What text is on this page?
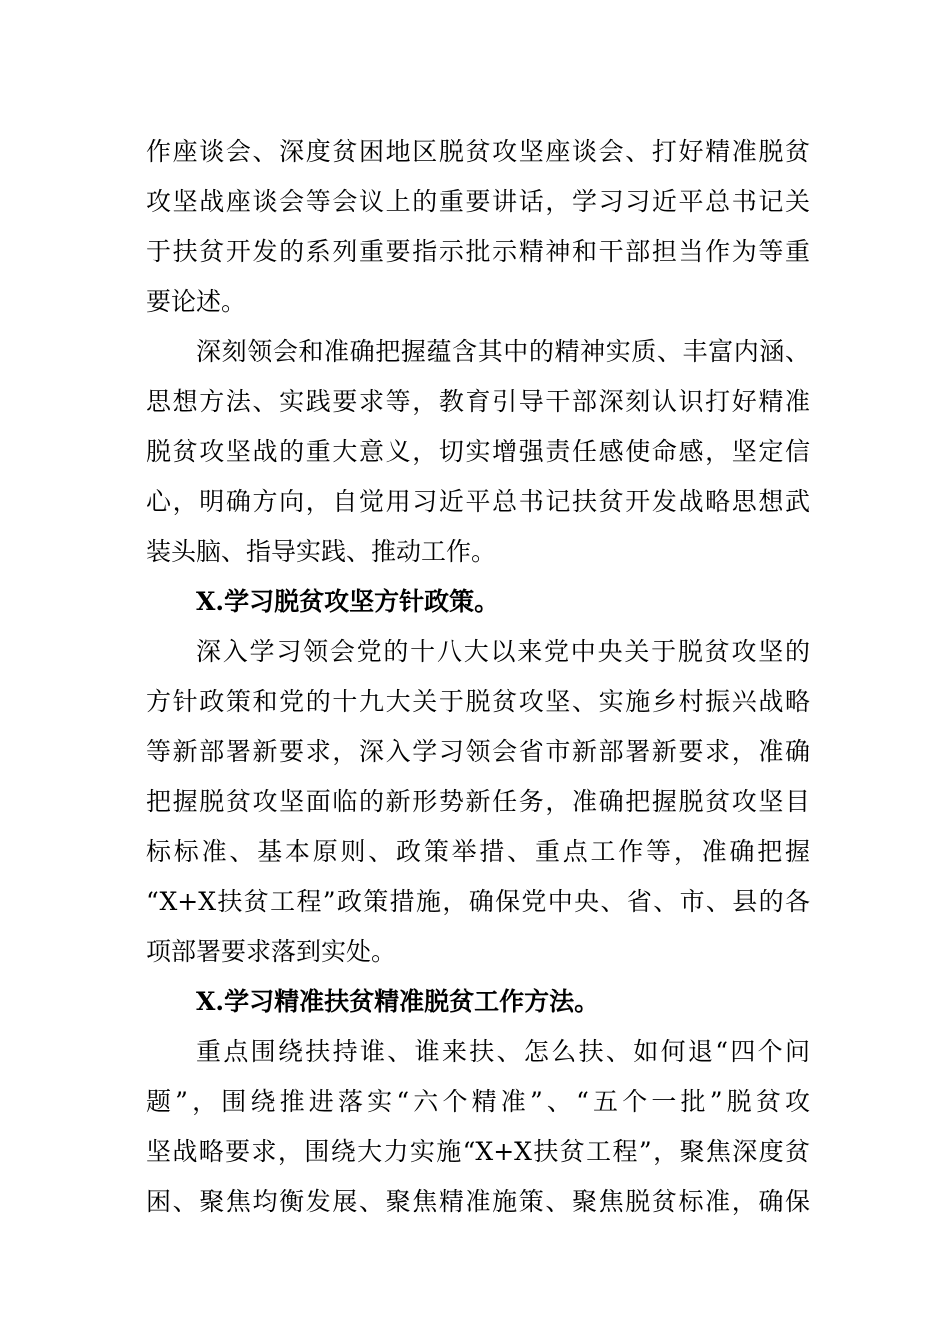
作座谈会、深度贫困地区脱贫攻坚座谈会、打好精准脱贫
攻坚战座谈会等会议上的重要讲话，学习习近平总书记关
于扶贫开发的系列重要指示批示精神和干部担当作为等重
要论述。
深刻领会和准确把握蕴含其中的精神实质、丰富内涵、
思想方法、实践要求等，教育引导干部深刻认识打好精准
脱贫攻坚战的重大意义，切实增强责任感使命感，坚定信
心，明确方向，自觉用习近平总书记扶贫开发战略思想武
装头脑、指导实践、推动工作。
X.学习脱贫攻坚方针政策。
深入学习领会党的十八大以来党中央关于脱贫攻坚的
方针政策和党的十九大关于脱贫攻坚、实施乡村振兴战略
等新部署新要求，深入学习领会省市新部署新要求，准确
把握脱贫攻坚面临的新形势新任务，准确把握脱贫攻坚目
标标准、基本原则、政策举措、重点工作等，准确把握
“X+X扶贫工程”政策措施，确保党中央、省、市、县的各
项部署要求落到实处。
X.学习精准扶贫精准脱贫工作方法。
重点围绕扶持谁、谁来扶、怎么扶、如何退“四个问
题”，围绕推进落实“六个精准”、“五个一批”脱贫攻
坚战略要求，围绕大力实施“X+X扶贫工程”，聚焦深度贫
困、聚焦均衡发展、聚焦精准施策、聚焦脱贫标准，确保
